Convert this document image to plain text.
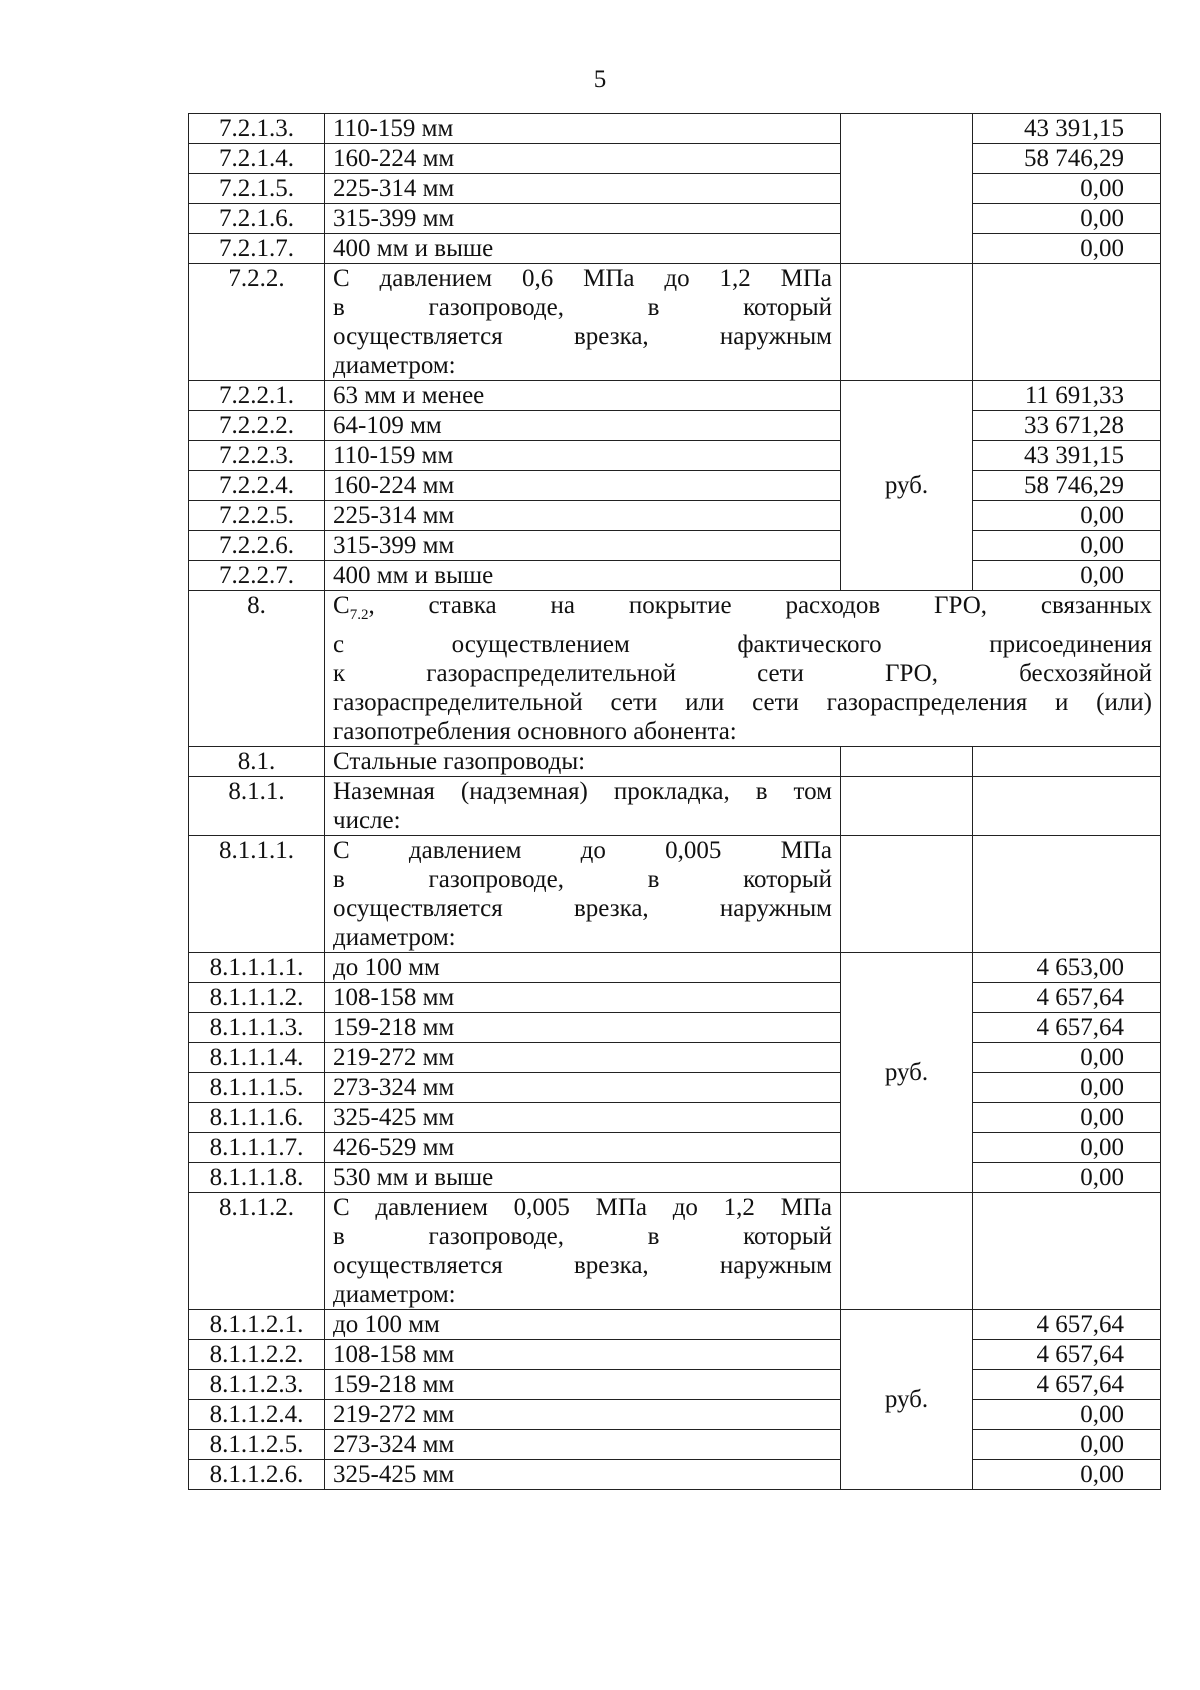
5
7.2.1.3.	110-159 мм		43 391,15
7.2.1.4.	160-224 мм		58 746,29
7.2.1.5.	225-314 мм		0,00
7.2.1.6.	315-399 мм		0,00
7.2.1.7.	400 мм и выше		0,00
7.2.2.	С давлением 0,6 МПа до 1,2 МПа
в газопроводе, в который
осуществляется врезка, наружным
диаметром:		

7.2.2.1.	63 мм и менее	руб.	11 691,33
7.2.2.2.	64-109 мм		33 671,28
7.2.2.3.	110-159 мм		43 391,15
7.2.2.4.	160-224 мм		58 746,29
7.2.2.5.	225-314 мм		0,00
7.2.2.6.	315-399 мм		0,00
7.2.2.7.	400 мм и выше		0,00
8.	$C_{7.2}$, ставка на покрытие расходов ГРО, связанных
с осуществлением фактического присоединения
к газораспределительной сети ГРО, бесхозяйной
газораспределительной сети или сети газораспределения и (или)
газопотребления основного абонента:		

8.1.	Стальные газопроводы:		
8.1.1.	Наземная (надземная) прокладка, в том
числе:		

8.1.1.1.	С давлением до 0,005 МПа
в газопроводе, в который
осуществляется врезка, наружным
диаметром:		

8.1.1.1.1.	до 100 мм	руб.	4 653,00
8.1.1.1.2.	108-158 мм		4 657,64
8.1.1.1.3.	159-218 мм		4 657,64
8.1.1.1.4.	219-272 мм		0,00
8.1.1.1.5.	273-324 мм		0,00
8.1.1.1.6.	325-425 мм		0,00
8.1.1.1.7.	426-529 мм		0,00
8.1.1.1.8.	530 мм и выше		0,00
8.1.1.2.	С давлением 0,005 МПа до 1,2 МПа
в газопроводе, в который
осуществляется врезка, наружным
диаметром:		

8.1.1.2.1.	до 100 мм	руб.	4 657,64
8.1.1.2.2.	108-158 мм		4 657,64
8.1.1.2.3.	159-218 мм		4 657,64
8.1.1.2.4.	219-272 мм		0,00
8.1.1.2.5.	273-324 мм		0,00
8.1.1.2.6.	325-425 мм		0,00
